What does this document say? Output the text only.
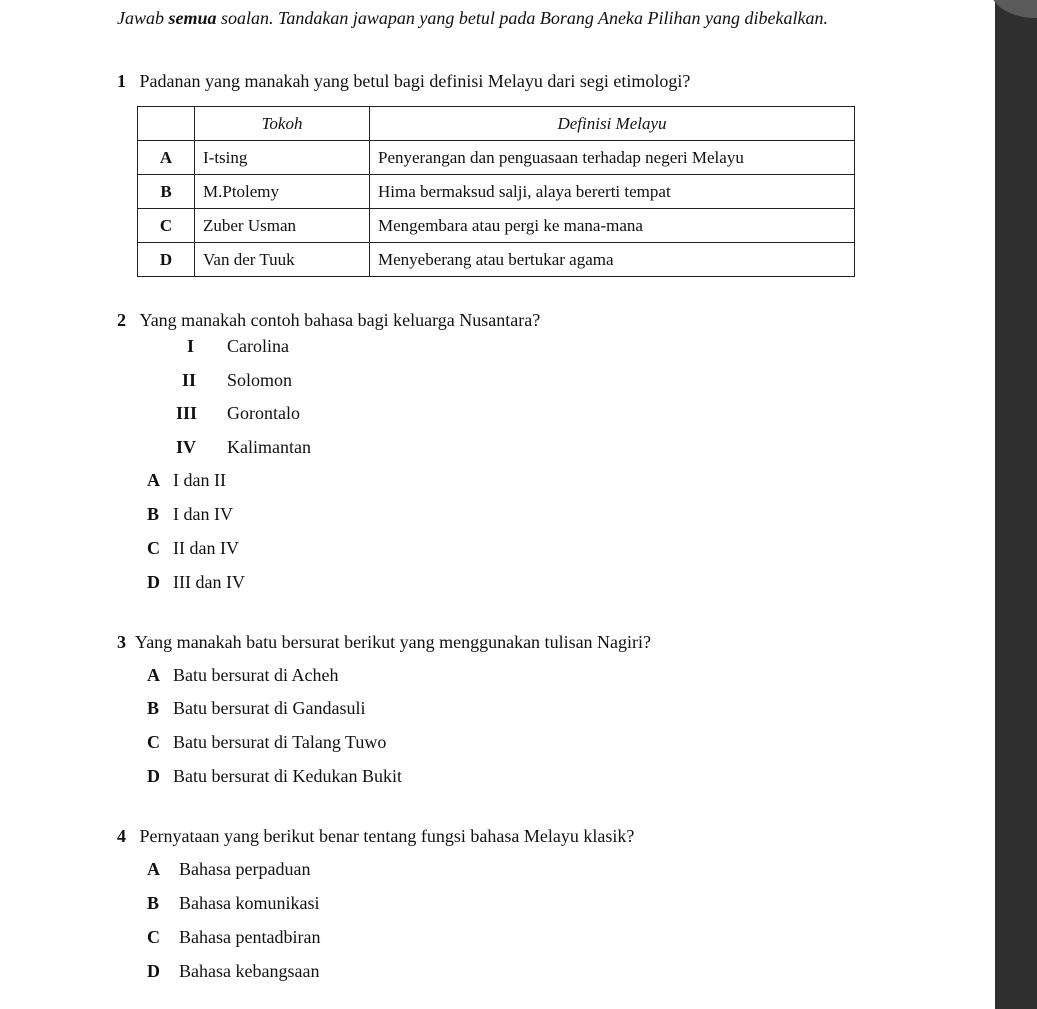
Jawab semua soalan. Tandakan jawapan yang betul pada Borang Aneka Pilihan yang dibekalkan.
1 Padanan yang manakah yang betul bagi definisi Melayu dari segi etimologi?
	Tokoh	Definisi Melayu
A	I-tsing	Penyerangan dan penguasaan terhadap negeri Melayu
B	M.Ptolemy	Hima bermaksud salji, alaya bererti tempat
C	Zuber Usman	Mengembara atau pergi ke mana-mana
D	Van der Tuuk	Menyeberang atau bertukar agama
2 Yang manakah contoh bahasa bagi keluarga Nusantara?
I Carolina
II Solomon
III Gorontalo
IV Kalimantan
A I dan II
B I dan IV
C II dan IV
D III dan IV
3 Yang manakah batu bersurat berikut yang menggunakan tulisan Nagiri?
A Batu bersurat di Acheh
B Batu bersurat di Gandasuli
C Batu bersurat di Talang Tuwo
D Batu bersurat di Kedukan Bukit
4 Pernyataan yang berikut benar tentang fungsi bahasa Melayu klasik?
A Bahasa perpaduan
B Bahasa komunikasi
C Bahasa pentadbiran
D Bahasa kebangsaan
